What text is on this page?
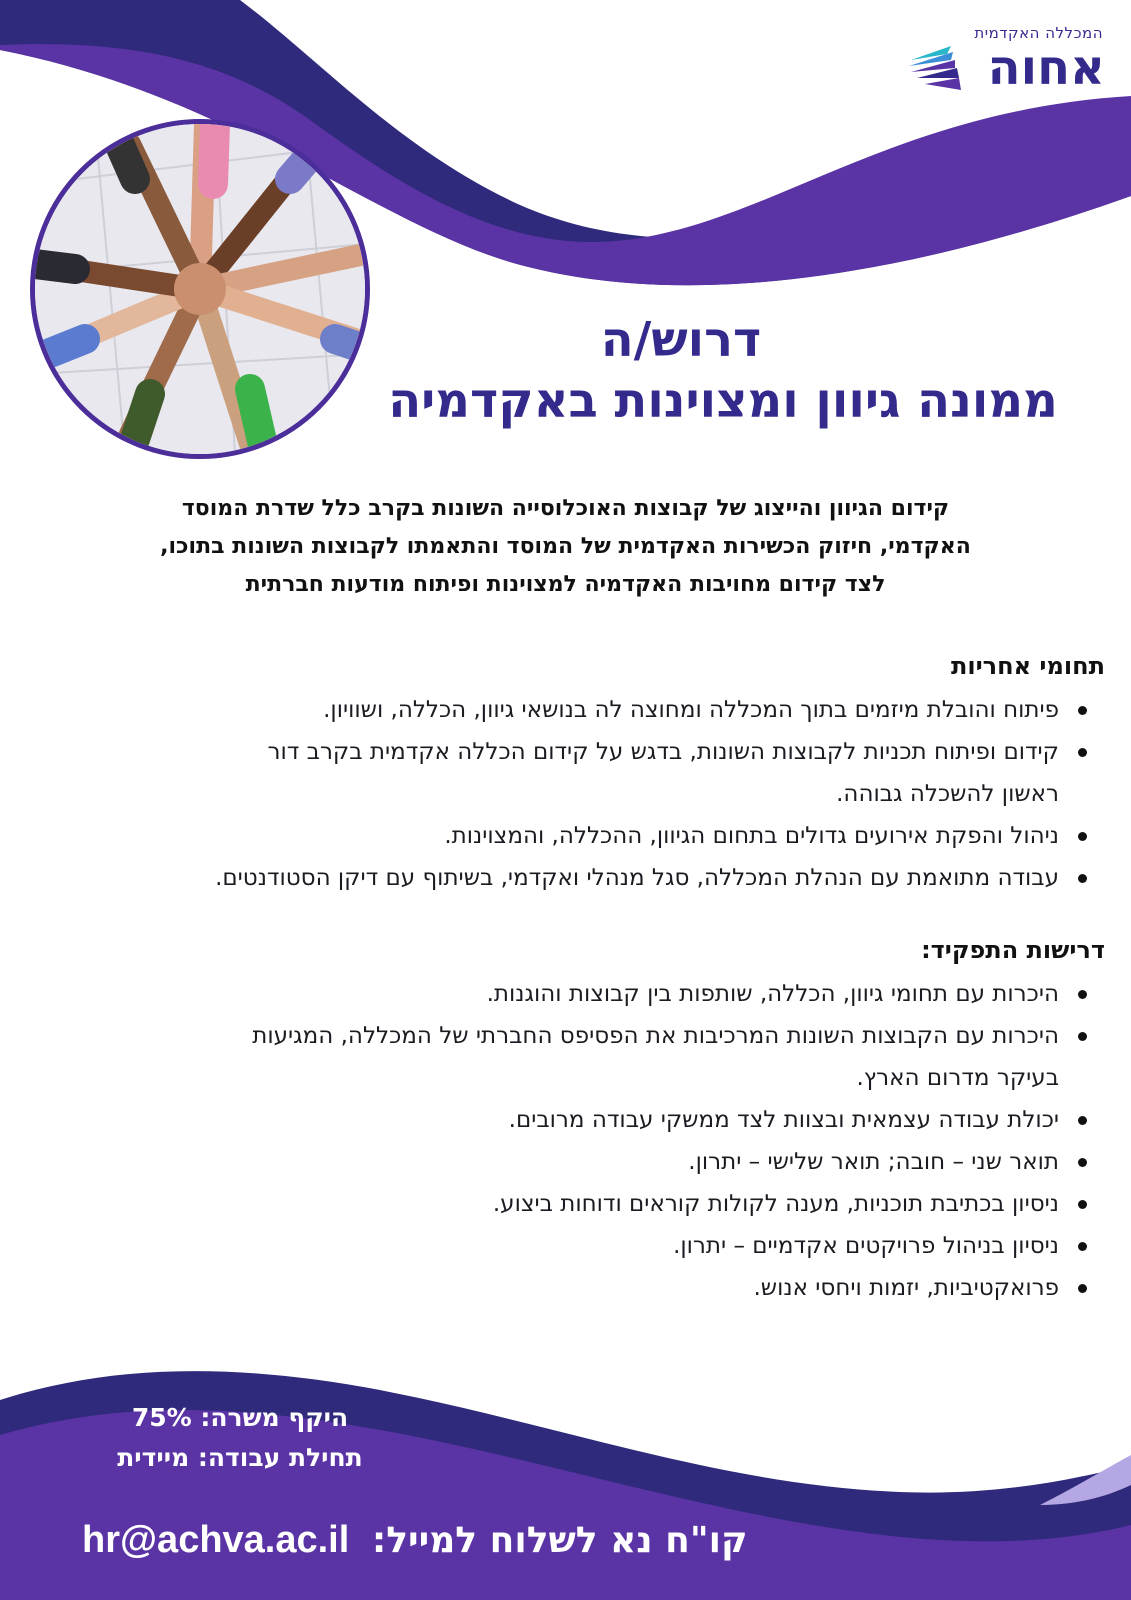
המכללה האקדמית
אחוה
דרוש/ה
ממונה גיוון ומצוינות באקדמיה
קידום הגיוון והייצוג של קבוצות האוכלוסייה השונות בקרב כלל שדרת המוסד
האקדמי, חיזוק הכשירות האקדמית של המוסד והתאמתו לקבוצות השונות בתוכו,
לצד קידום מחויבות האקדמיה למצוינות ופיתוח מודעות חברתית
תחומי אחריות
פיתוח והובלת מיזמים בתוך המכללה ומחוצה לה בנושאי גיוון, הכללה, ושוויון.
קידום ופיתוח תכניות לקבוצות השונות, בדגש על קידום הכללה אקדמית בקרב דור
ראשון להשכלה גבוהה.
ניהול והפקת אירועים גדולים בתחום הגיוון, ההכללה, והמצוינות.
עבודה מתואמת עם הנהלת המכללה, סגל מנהלי ואקדמי, בשיתוף עם דיקן הסטודנטים.
דרישות התפקיד:
היכרות עם תחומי גיוון, הכללה, שותפות בין קבוצות והוגנות.
היכרות עם הקבוצות השונות המרכיבות את הפסיפס החברתי של המכללה, המגיעות
בעיקר מדרום הארץ.
יכולת עבודה עצמאית ובצוות לצד ממשקי עבודה מרובים.
תואר שני – חובה; תואר שלישי – יתרון.
ניסיון בכתיבת תוכניות, מענה לקולות קוראים ודוחות ביצוע.
ניסיון בניהול פרויקטים אקדמיים – יתרון.
פרואקטיביות, יזמות ויחסי אנוש.
היקף משרה: 75%
תחילת עבודה: מיידית
hr@achva.ac.il קו"ח נא לשלוח למייל:
